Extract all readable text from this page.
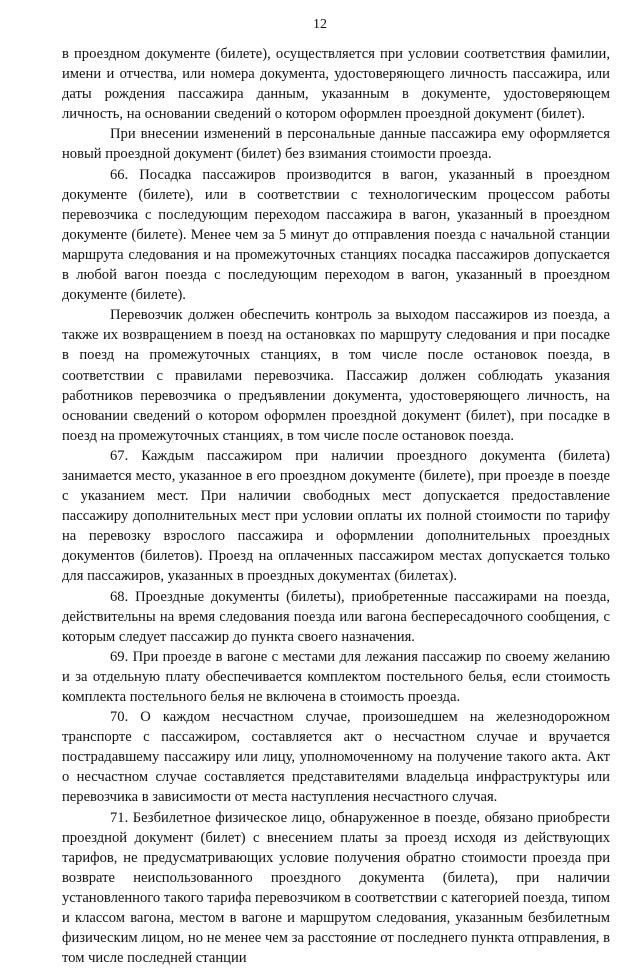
12

в проездном документе (билете), осуществляется при условии соответствия фамилии, имени и отчества, или номера документа, удостоверяющего личность пассажира, или даты рождения пассажира данным, указанным в документе, удостоверяющем личность, на основании сведений о котором оформлен проездной документ (билет).

При внесении изменений в персональные данные пассажира ему оформляется новый проездной документ (билет) без взимания стоимости проезда.

66. Посадка пассажиров производится в вагон, указанный в проездном документе (билете), или в соответствии с технологическим процессом работы перевозчика с последующим переходом пассажира в вагон, указанный в проездном документе (билете). Менее чем за 5 минут до отправления поезда с начальной станции маршрута следования и на промежуточных станциях посадка пассажиров допускается в любой вагон поезда с последующим переходом в вагон, указанный в проездном документе (билете).

Перевозчик должен обеспечить контроль за выходом пассажиров из поезда, а также их возвращением в поезд на остановках по маршруту следования и при посадке в поезд на промежуточных станциях, в том числе после остановок поезда, в соответствии с правилами перевозчика. Пассажир должен соблюдать указания работников перевозчика о предъявлении документа, удостоверяющего личность, на основании сведений о котором оформлен проездной документ (билет), при посадке в поезд на промежуточных станциях, в том числе после остановок поезда.

67. Каждым пассажиром при наличии проездного документа (билета) занимается место, указанное в его проездном документе (билете), при проезде в поезде с указанием мест. При наличии свободных мест допускается предоставление пассажиру дополнительных мест при условии оплаты их полной стоимости по тарифу на перевозку взрослого пассажира и оформлении дополнительных проездных документов (билетов). Проезд на оплаченных пассажиром местах допускается только для пассажиров, указанных в проездных документах (билетах).

68. Проездные документы (билеты), приобретенные пассажирами на поезда, действительны на время следования поезда или вагона беспересадочного сообщения, с которым следует пассажир до пункта своего назначения.

69. При проезде в вагоне с местами для лежания пассажир по своему желанию и за отдельную плату обеспечивается комплектом постельного белья, если стоимость комплекта постельного белья не включена в стоимость проезда.

70. О каждом несчастном случае, произошедшем на железнодорожном транспорте с пассажиром, составляется акт о несчастном случае и вручается пострадавшему пассажиру или лицу, уполномоченному на получение такого акта. Акт о несчастном случае составляется представителями владельца инфраструктуры или перевозчика в зависимости от места наступления несчастного случая.

71. Безбилетное физическое лицо, обнаруженное в поезде, обязано приобрести проездной документ (билет) с внесением платы за проезд исходя из действующих тарифов, не предусматривающих условие получения обратно стоимости проезда при возврате неиспользованного проездного документа (билета), при наличии установленного такого тарифа перевозчиком в соответствии с категорией поезда, типом и классом вагона, местом в вагоне и маршрутом следования, указанным безбилетным физическим лицом, но не менее чем за расстояние от последнего пункта отправления, в том числе последней станции
